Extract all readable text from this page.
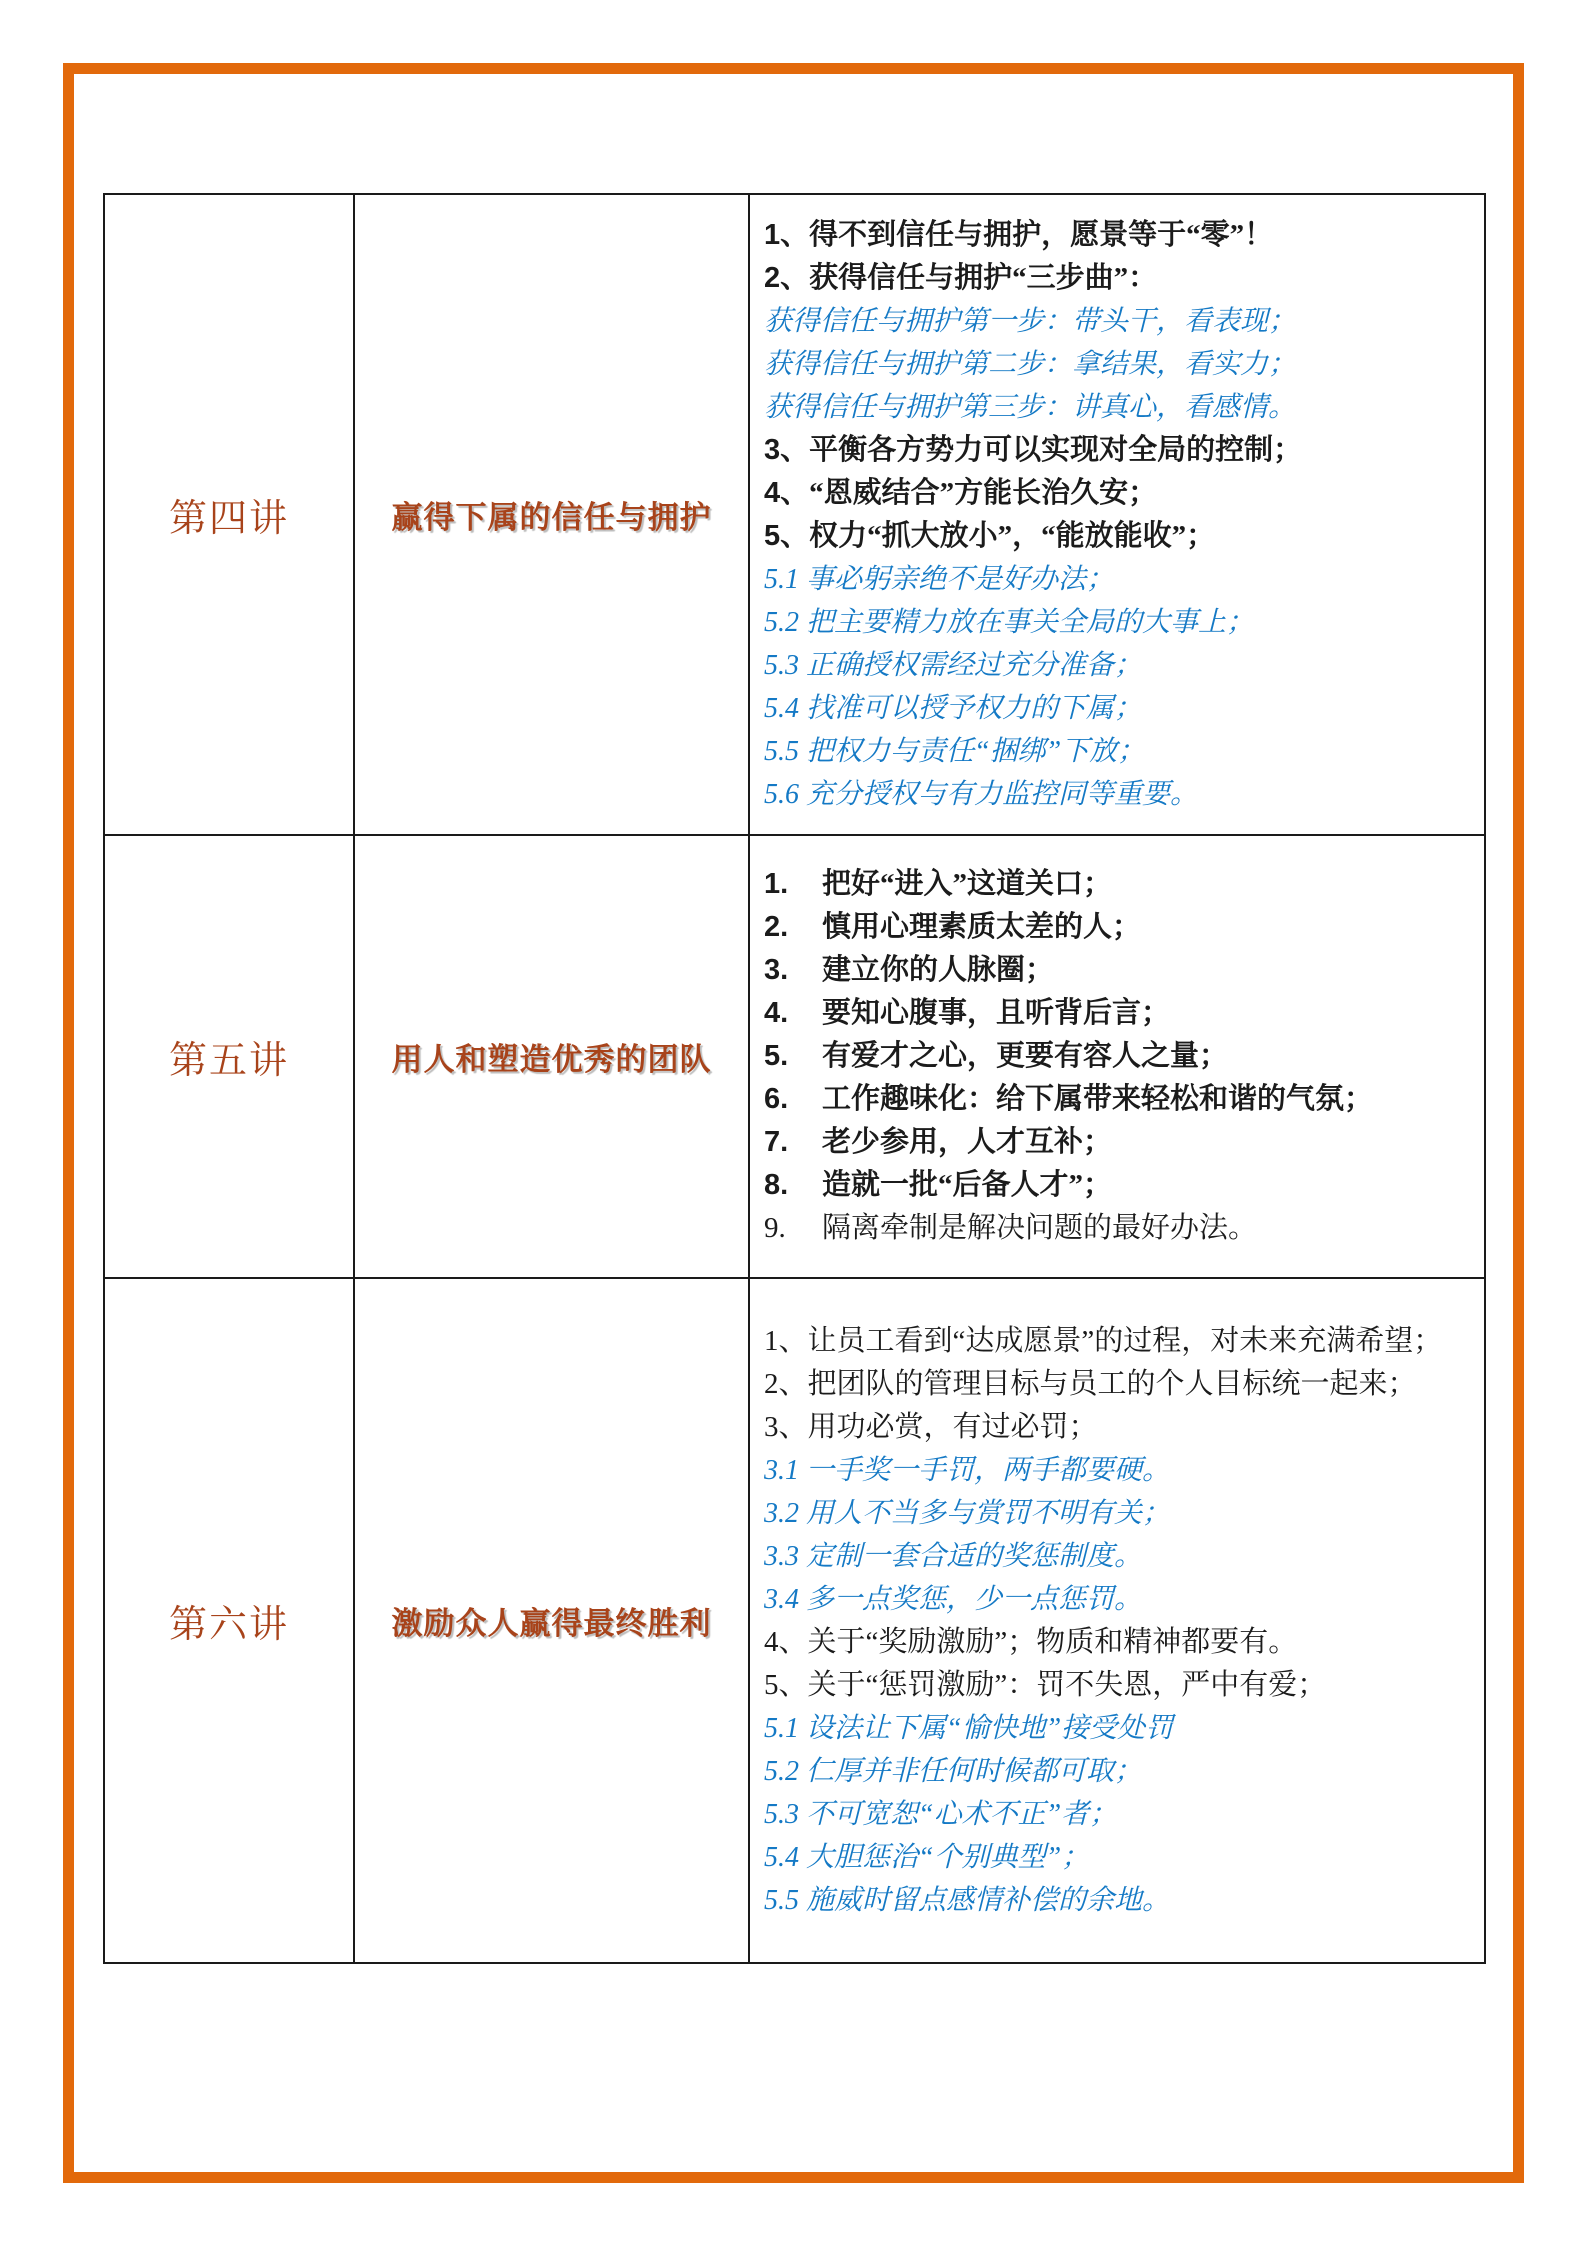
第四讲	赢得下属的信任与拥护	
1、得不到信任与拥护，愿景等于“零”！
2、获得信任与拥护“三步曲”：
获得信任与拥护第一步：带头干，看表现；
获得信任与拥护第二步：拿结果，看实力；
获得信任与拥护第三步：讲真心，看感情。
3、平衡各方势力可以实现对全局的控制；
4、“恩威结合”方能长治久安；
5、权力“抓大放小”，“能放能收”；
5.1 事必躬亲绝不是好办法；
5.2 把主要精力放在事关全局的大事上；
5.3 正确授权需经过充分准备；
5.4 找准可以授予权力的下属；
5.5 把权力与责任“捆绑”下放；
5.6 充分授权与有力监控同等重要。

第五讲	用人和塑造优秀的团队	
1. 把好“进入”这道关口；
2. 慎用心理素质太差的人；
3. 建立你的人脉圈；
4. 要知心腹事，且听背后言；
5. 有爱才之心，更要有容人之量；
6. 工作趣味化：给下属带来轻松和谐的气氛；
7. 老少参用，人才互补；
8. 造就一批“后备人才”；
9. 隔离牵制是解决问题的最好办法。

第六讲	激励众人赢得最终胜利	
1、让员工看到“达成愿景”的过程，对未来充满希望；
2、把团队的管理目标与员工的个人目标统一起来；
3、用功必赏，有过必罚；
3.1 一手奖一手罚，两手都要硬。
3.2 用人不当多与赏罚不明有关；
3.3 定制一套合适的奖惩制度。
3.4 多一点奖惩，少一点惩罚。
4、关于“奖励激励”；物质和精神都要有。
5、关于“惩罚激励”：罚不失恩，严中有爱；
5.1 设法让下属“愉快地”接受处罚
5.2 仁厚并非任何时候都可取；
5.3 不可宽恕“心术不正”者；
5.4 大胆惩治“个别典型”；
5.5 施威时留点感情补偿的余地。
